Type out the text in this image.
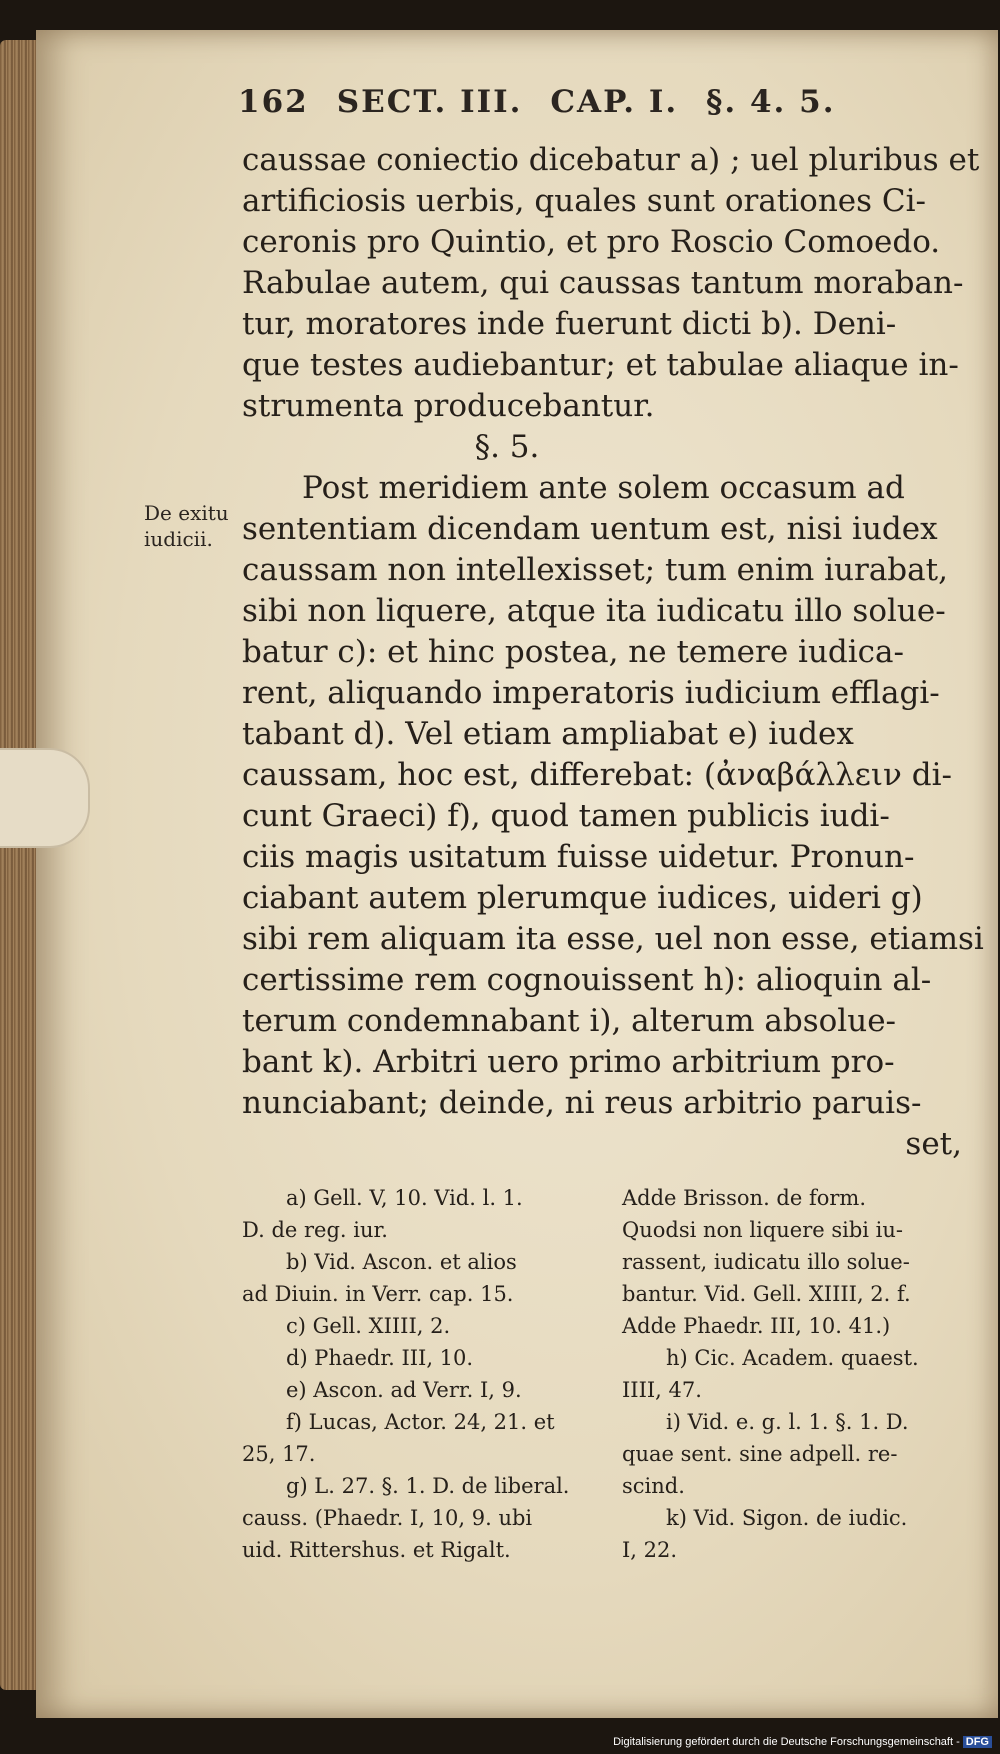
162 SECT. III. CAP. I. §. 4. 5.
caussae coniectio dicebatur a) ; uel pluribus et
artificiosis uerbis, quales sunt orationes Ci-
ceronis pro Quintio, et pro Roscio Comoedo.
Rabulae autem, qui caussas tantum moraban-
tur, moratores inde fuerunt dicti b). Deni-
que testes audiebantur; et tabulae aliaque in-
strumenta producebantur.
§. 5.
Post meridiem ante solem occasum ad
sententiam dicendam uentum est, nisi iudex
caussam non intellexisset; tum enim iurabat,
sibi non liquere, atque ita iudicatu illo solue-
batur c): et hinc postea, ne temere iudica-
rent, aliquando imperatoris iudicium efflagi-
tabant d). Vel etiam ampliabat e) iudex
caussam, hoc est, differebat: (ἀναβάλλειν di-
cunt Graeci) f), quod tamen publicis iudi-
ciis magis usitatum fuisse uidetur. Pronun-
ciabant autem plerumque iudices, uideri g)
sibi rem aliquam ita esse, uel non esse, etiamsi
certissime rem cognouissent h): alioquin al-
terum condemnabant i), alterum absolue-
bant k). Arbitri uero primo arbitrium pro-
nunciabant; deinde, ni reus arbitrio paruis-
set,
De exitu
iudicii.
a) Gell. V, 10. Vid. l. 1.
D. de reg. iur.
b) Vid. Ascon. et alios
ad Diuin. in Verr. cap. 15.
c) Gell. XIIII, 2.
d) Phaedr. III, 10.
e) Ascon. ad Verr. I, 9.
f) Lucas, Actor. 24, 21. et
25, 17.
g) L. 27. §. 1. D. de liberal.
causs. (Phaedr. I, 10, 9. ubi
uid. Rittershus. et Rigalt.
Adde Brisson. de form.
Quodsi non liquere sibi iu-
rassent, iudicatu illo solue-
bantur. Vid. Gell. XIIII, 2. f.
Adde Phaedr. III, 10. 41.)
h) Cic. Academ. quaest.
IIII, 47.
i) Vid. e. g. l. 1. §. 1. D.
quae sent. sine adpell. re-
scind.
k) Vid. Sigon. de iudic.
I, 22.
Digitalisierung gefördert durch die Deutsche Forschungsgemeinschaft - DFG
